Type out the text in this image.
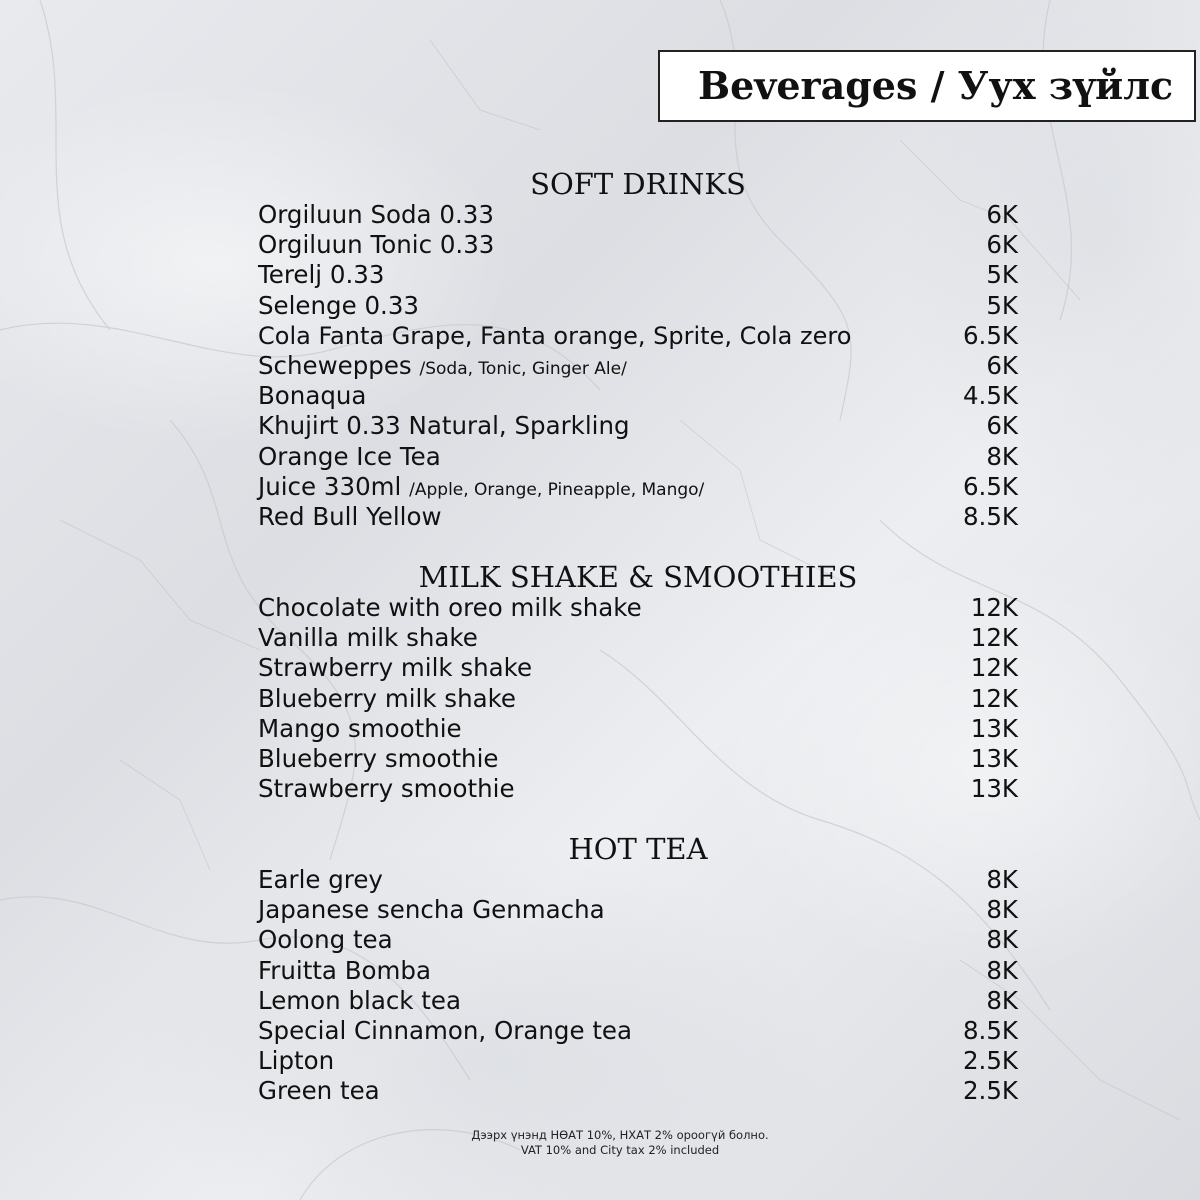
Beverages / Уух зүйлс
SOFT DRINKS
Orgiluun Soda 0.33	6K
Orgiluun Tonic 0.33	6K
Terelj 0.33	5K
Selenge 0.33	5K
Cola Fanta Grape, Fanta orange, Sprite, Cola zero	6.5K
Scheweppes /Soda, Tonic, Ginger Ale/	6K
Bonaqua	4.5K
Khujirt 0.33 Natural, Sparkling	6K
Orange Ice Tea	8K
Juice 330ml /Apple, Orange, Pineapple, Mango/	6.5K
Red Bull Yellow	8.5K
MILK SHAKE & SMOOTHIES
Chocolate with oreo milk shake	12K
Vanilla milk shake	12K
Strawberry milk shake	12K
Blueberry milk shake	12K
Mango smoothie	13K
Blueberry smoothie	13K
Strawberry smoothie	13K
HOT TEA
Earle grey	8K
Japanese sencha Genmacha	8K
Oolong tea	8K
Fruitta Bomba	8K
Lemon black tea	8K
Special Cinnamon, Orange tea	8.5K
Lipton	2.5K
Green tea	2.5K
Дээрх үнэнд НӨАТ 10%, НХАТ 2% ороогүй болно.
VAT 10% and City tax 2% included
